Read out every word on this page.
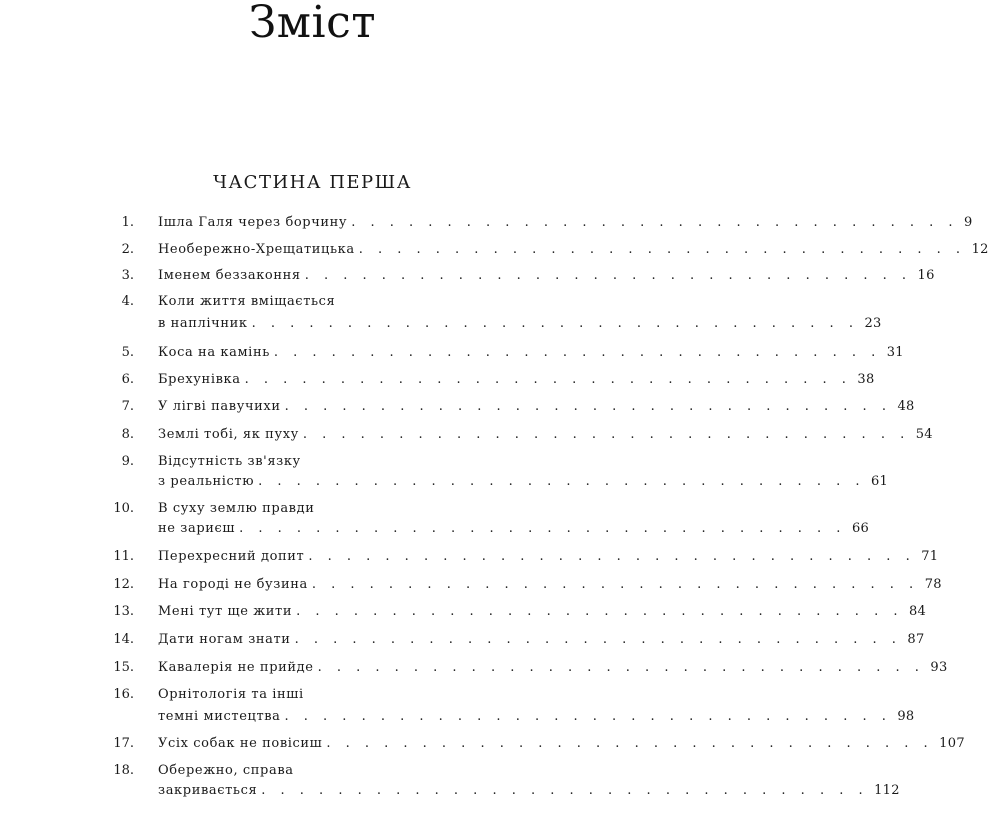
Зміст
ЧАСТИНА ПЕРША
1. Ішла Галя через борчину . . . . . . . . . . . . . . . . . . . . . . . . . . . . . . . . 9
2. Необережно-Хрещатицька . . . . . . . . . . . . . . . . . . . . . . . . . . . . . . . . 12
3. Іменем беззаконня . . . . . . . . . . . . . . . . . . . . . . . . . . . . . . . . 16
4. Коли життя вміщається
в наплічник . . . . . . . . . . . . . . . . . . . . . . . . . . . . . . . . 23
5. Коса на камінь . . . . . . . . . . . . . . . . . . . . . . . . . . . . . . . . 31
6. Брехунівка . . . . . . . . . . . . . . . . . . . . . . . . . . . . . . . . 38
7. У лігві павучихи . . . . . . . . . . . . . . . . . . . . . . . . . . . . . . . . 48
8. Землі тобі, як пуху . . . . . . . . . . . . . . . . . . . . . . . . . . . . . . . . 54
9. Відсутність зв'язку
з реальністю . . . . . . . . . . . . . . . . . . . . . . . . . . . . . . . . 61
10. В суху землю правди
не зариєш . . . . . . . . . . . . . . . . . . . . . . . . . . . . . . . . 66
11. Перехресний допит . . . . . . . . . . . . . . . . . . . . . . . . . . . . . . . . 71
12. На городі не бузина . . . . . . . . . . . . . . . . . . . . . . . . . . . . . . . . 78
13. Мені тут ще жити . . . . . . . . . . . . . . . . . . . . . . . . . . . . . . . . 84
14. Дати ногам знати . . . . . . . . . . . . . . . . . . . . . . . . . . . . . . . . 87
15. Кавалерія не прийде . . . . . . . . . . . . . . . . . . . . . . . . . . . . . . . . 93
16. Орнітологія та інші
темні мистецтва . . . . . . . . . . . . . . . . . . . . . . . . . . . . . . . . 98
17. Усіх собак не повісиш . . . . . . . . . . . . . . . . . . . . . . . . . . . . . . . . 107
18. Обережно, справа
закривається . . . . . . . . . . . . . . . . . . . . . . . . . . . . . . . . 112
